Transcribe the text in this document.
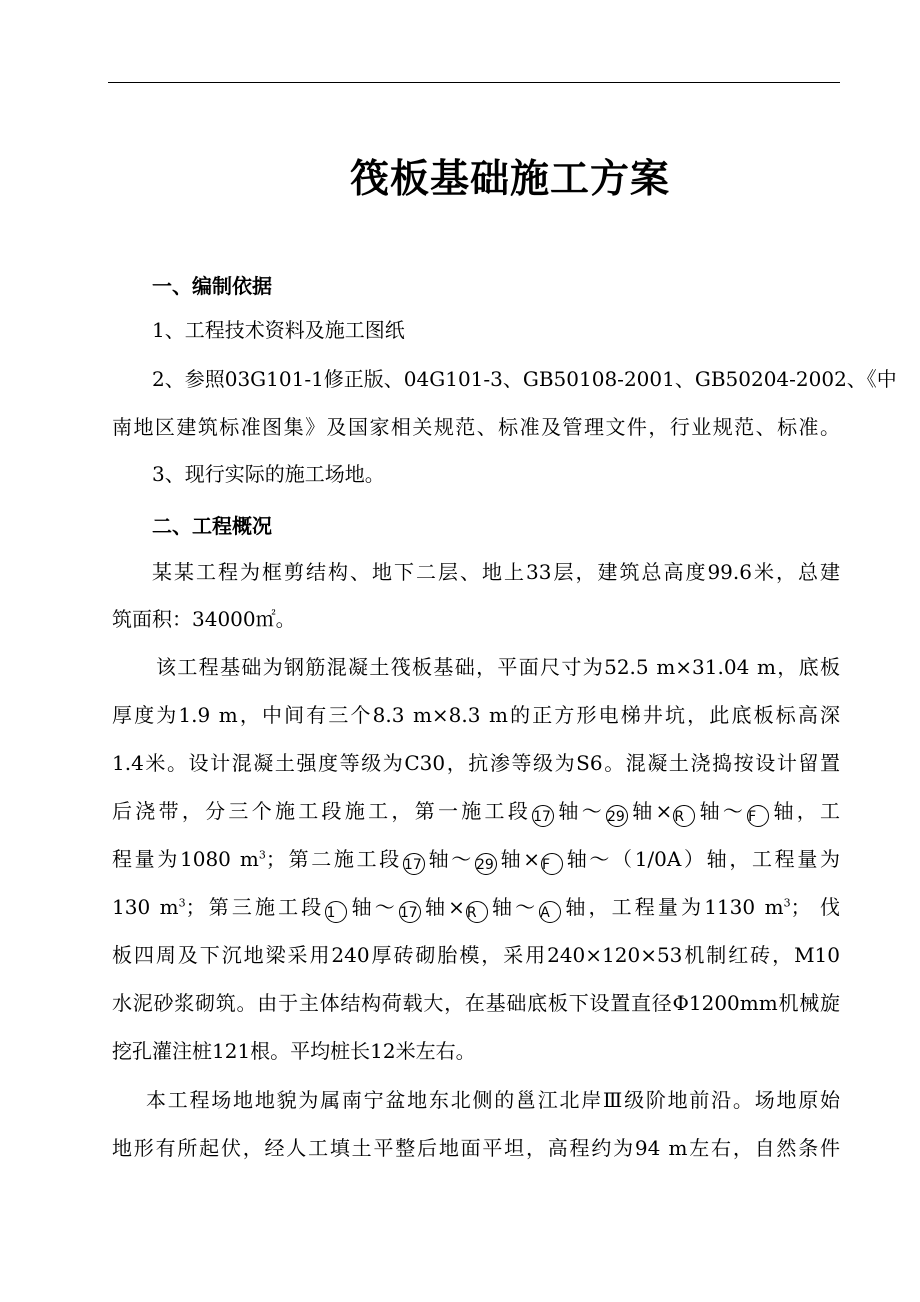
筏板基础施工方案
一、编制依据

1、工程技术资料及施工图纸

2、参照03G101-1修正版、04G101-3、GB50108-2001、GB50204-2002、《中

南地区建筑标准图集》及国家相关规范、标准及管理文件，行业规范、标准。

3、现行实际的施工场地。

二、工程概况

某某工程为框剪结构、地下二层、地上33层，建筑总高度99.6米，总建

筑面积：34000㎡。

该工程基础为钢筋混凝土筏板基础，平面尺寸为52.5 m×31.04 m，底板

厚度为1.9 m，中间有三个8.3 m×8.3 m的正方形电梯井坑，此底板标高深

1.4米。设计混凝土强度等级为C30，抗渗等级为S6。混凝土浇捣按设计留置

后浇带，分三个施工段施工，第一施工段 17 轴～ 29 轴× R 轴～ F 轴，工

程量为1080 $m^3$；第二施工段 17 轴～ 29 轴× F 轴～（1/0A）轴，工程量为

130 $m^3$；第三施工段 1 轴～ 17 轴× R 轴～ A 轴，工程量为1130 $m^3$； 伐

板四周及下沉地梁采用240厚砖砌胎模，采用240×120×53机制红砖，M10

水泥砂浆砌筑。由于主体结构荷载大，在基础底板下设置直径Φ1200mm机械旋

挖孔灌注桩121根。平均桩长12米左右。

本工程场地地貌为属南宁盆地东北侧的邕江北岸Ⅲ级阶地前沿。场地原始

地形有所起伏，经人工填土平整后地面平坦，高程约为94 m左右，自然条件
